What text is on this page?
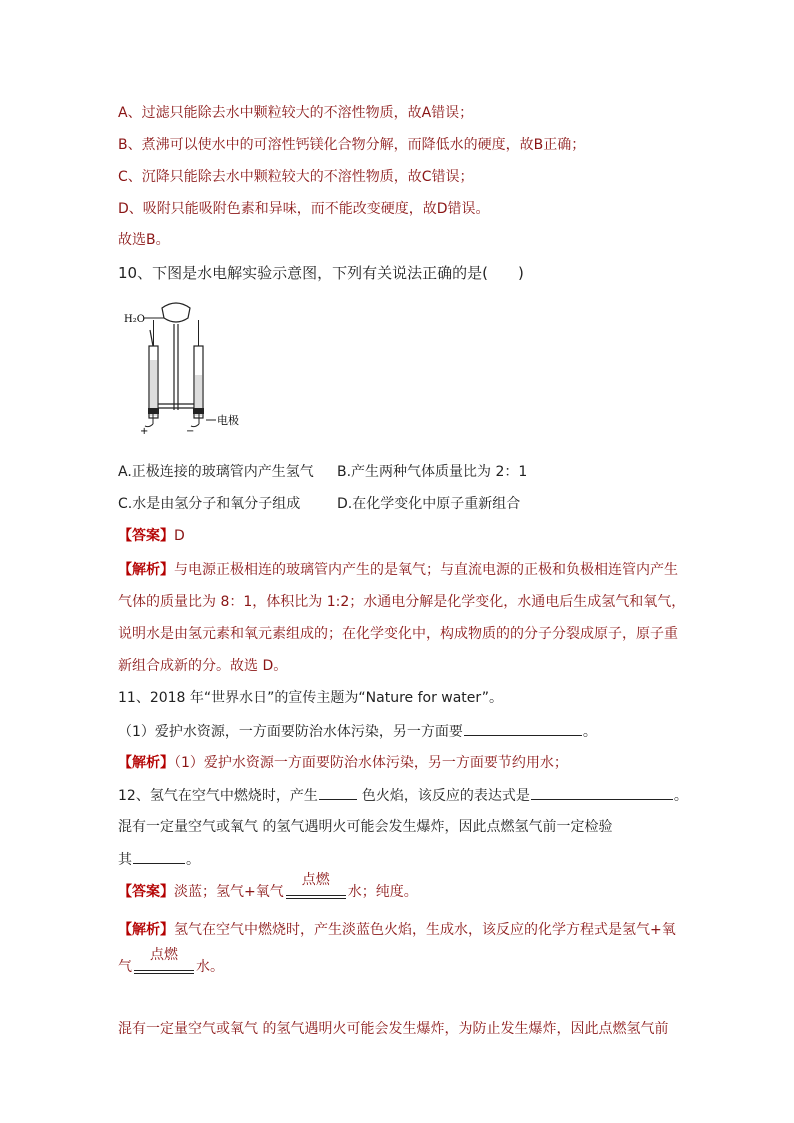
A、过滤只能除去水中颗粒较大的不溶性物质，故A错误；
B、煮沸可以使水中的可溶性钙镁化合物分解，而降低水的硬度，故B正确；
C、沉降只能除去水中颗粒较大的不溶性物质，故C错误；
D、吸附只能吸附色素和异味，而不能改变硬度，故D错误。
故选B。
10、下图是水电解实验示意图，下列有关说法正确的是(　　)
H₂O
+	−
电极
A.正极连接的玻璃管内产生氢气 B.产生两种气体质量比为 2：1
C.水是由氢分子和氧分子组成	D.在化学变化中原子重新组合
【答案】D
【解析】与电源正极相连的玻璃管内产生的是氧气；与直流电源的正极和负极相连管内产生
气体的质量比为 8：1，体积比为 1:2；水通电分解是化学变化，水通电后生成氢气和氧气，
说明水是由氢元素和氧元素组成的；在化学变化中，构成物质的的分子分裂成原子，原子重
新组合成新的分。故选 D。
11、2018 年“世界水日”的宣传主题为“Nature for water”。
（1）爱护水资源，一方面要防治水体污染，另一方面要	。
【解析】（1）爱护水资源一方面要防治水体污染，另一方面要节约用水；
12、氢气在空气中燃烧时，产生	色火焰，该反应的表达式是	。
混有一定量空气或氧气 的氢气遇明火可能会发生爆炸，因此点燃氢气前一定检验
其	。
【答案】淡蓝；氢气+氧气
点燃
水；纯度。
【解析】氢气在空气中燃烧时，产生淡蓝色火焰，生成水，该反应的化学方程式是氢气+氧
气
点燃
水。
混有一定量空气或氧气 的氢气遇明火可能会发生爆炸，为防止发生爆炸，因此点燃氢气前
